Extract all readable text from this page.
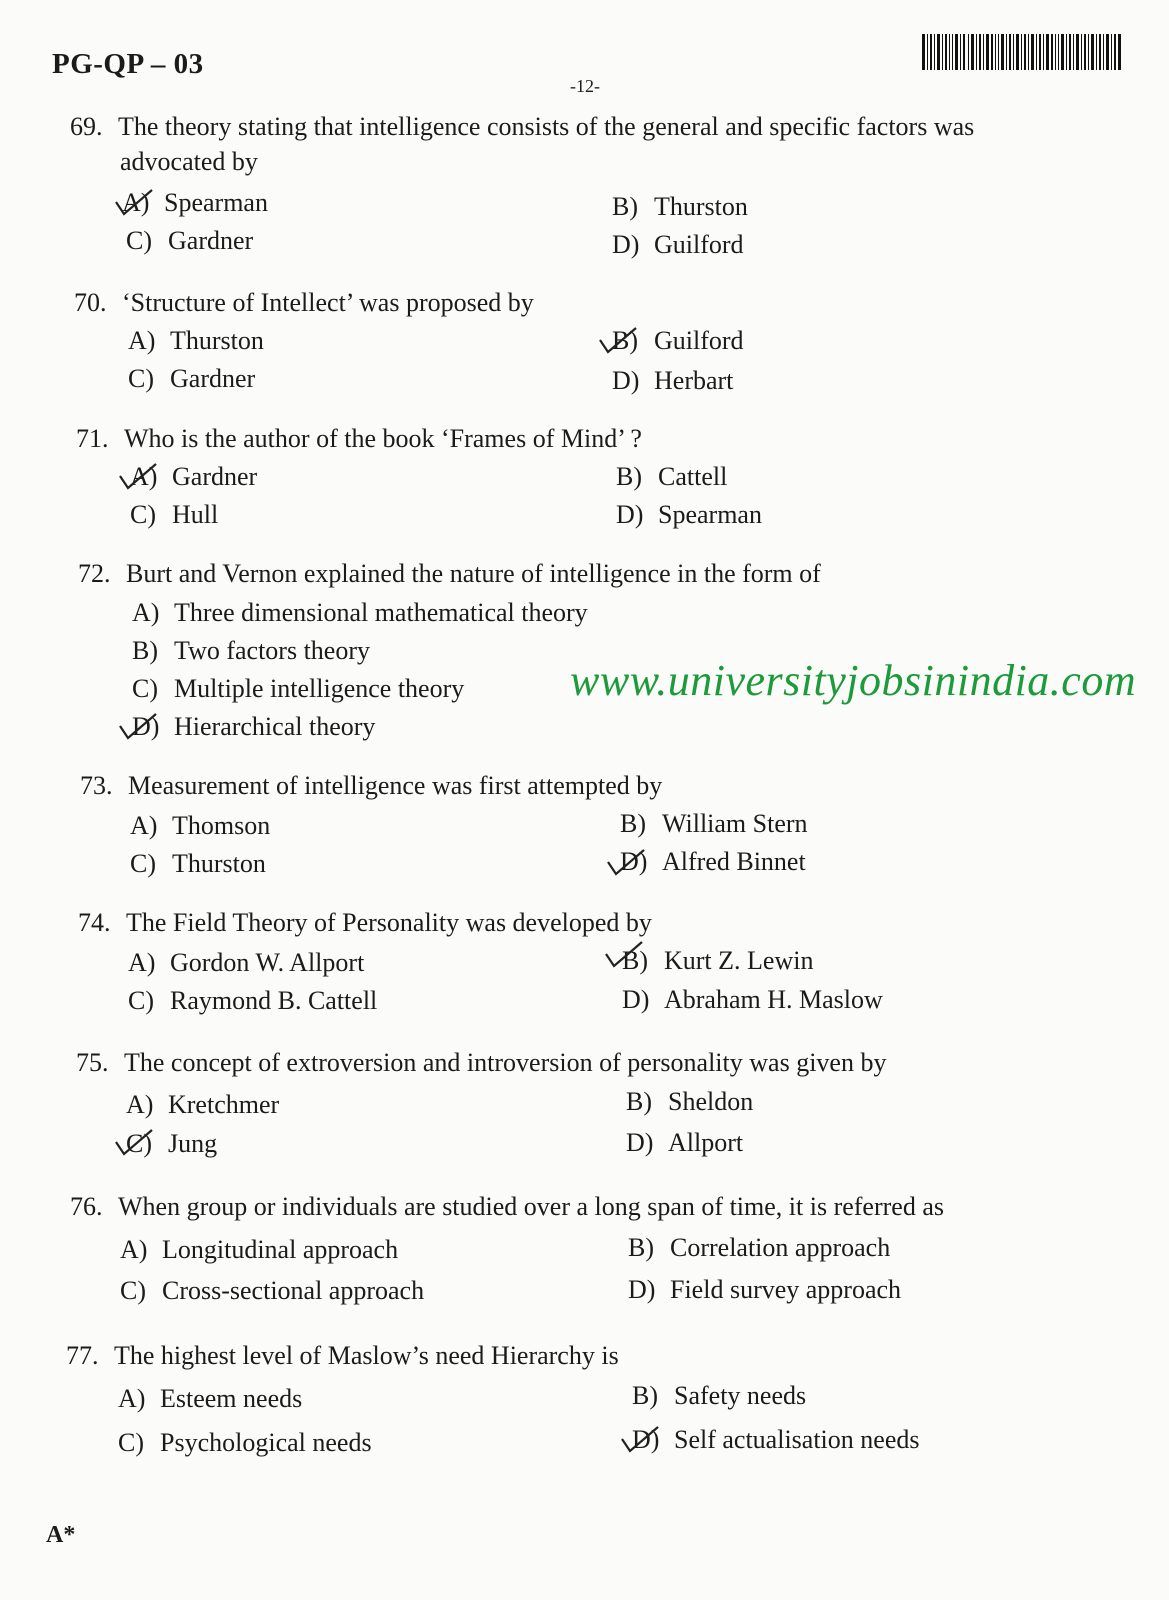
PG-QP – 03
-12-
69. The theory stating that intelligence consists of the general and specific factors was
advocated by
A) Spearman	B) Thurston
C) Gardner	D) Guilford
70. ‘Structure of Intellect’ was proposed by
A) Thurston	B) Guilford
C) Gardner	D) Herbart
71. Who is the author of the book ‘Frames of Mind’ ?
A) Gardner	B) Cattell
C) Hull	D) Spearman
72. Burt and Vernon explained the nature of intelligence in the form of
A) Three dimensional mathematical theory
B) Two factors theory
C) Multiple intelligence theory
D) Hierarchical theory
www.universityjobsinindia.com
73. Measurement of intelligence was first attempted by
A) Thomson	B) William Stern
C) Thurston	D) Alfred Binnet
74. The Field Theory of Personality was developed by
A) Gordon W. Allport	B) Kurt Z. Lewin
C) Raymond B. Cattell	D) Abraham H. Maslow
75. The concept of extroversion and introversion of personality was given by
A) Kretchmer	B) Sheldon
C) Jung	D) Allport
76. When group or individuals are studied over a long span of time, it is referred as
A) Longitudinal approach	B) Correlation approach
C) Cross-sectional approach	D) Field survey approach
77. The highest level of Maslow’s need Hierarchy is
A) Esteem needs	B) Safety needs
C) Psychological needs	D) Self actualisation needs
A*
